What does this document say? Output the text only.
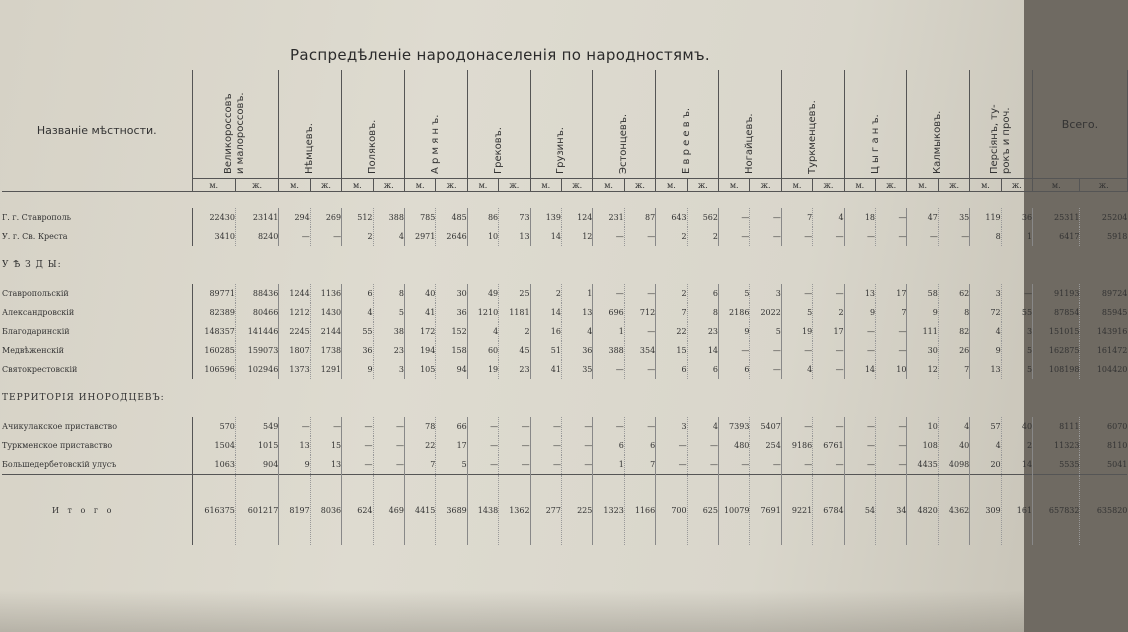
Распредѣленіе народонаселенія по народностямъ.
Названіе мѣстности.	Великороссовъ
и малороссовъ.		Нѣмцевъ.		Поляковъ.		А р м я н ъ.		Грековъ.		Грузинъ.		Эстонцевъ.		Е в р е е в ъ.		Ногайцевъ.		Туркменцевъ.		Ц ы г а н ъ.		Калмыковъ.		Персіянъ, ту-
рокъ и проч.		Всего.	
	м.	ж.	м.	ж.	м.	ж.	м.	ж.	м.	ж.	м.	ж.	м.	ж.	м.	ж.	м.	ж.	м.	ж.	м.	ж.	м.	ж.	м.	ж.	м.	ж.

Г. г. Ставрополь	22430	23141	294	269	512	388	785	485	86	73	139	124	231	87	643	562	—	—	7	4	18	—	47	35	119	36	25311	25204
У. г. Св. Креста	3410	8240	—	—	2	4	2971	2646	10	13	14	12	—	—	2	2	—	—	—	—	—	—	—	—	8	1	6417	5918
У Ѣ З Д Ы:																												
Ставропольскій	89771	88436	1244	1136	6	8	40	30	49	25	2	1	—	—	2	6	5	3	—	—	13	17	58	62	3	—	91193	89724
Александровскій	82389	80466	1212	1430	4	5	41	36	1210	1181	14	13	696	712	7	8	2186	2022	5	2	9	7	9	8	72	55	87854	85945
Благодаринскій	148357	141446	2245	2144	55	38	172	152	4	2	16	4	1	—	22	23	9	5	19	17	—	—	111	82	4	3	151015	143916
Медвѣженскій	160285	159073	1807	1738	36	23	194	158	60	45	51	36	388	354	15	14	—	—	—	—	—	—	30	26	9	5	162875	161472
Святокрестовскій	106596	102946	1373	1291	9	3	105	94	19	23	41	35	—	—	6	6	6	—	4	—	14	10	12	7	13	5	108198	104420
ТЕРРИТОРІЯ ИНОРОДЦЕВЪ:																												
Ачикулакское приставство	570	549	—	—	—	—	78	66	—	—	—	—	—	—	3	4	7393	5407	—	—	—	—	10	4	57	40	8111	6070
Туркменское приставство	1504	1015	13	15	—	—	22	17	—	—	—	—	6	6	—	—	480	254	9186	6761	—	—	108	40	4	2	11323	8110
Большедербетовскій улусъ	1063	904	9	13	—	—	7	5	—	—	—	—	1	7	—	—	—	—	—	—	—	—	4435	4098	20	14	5535	5041
И т о г о	616375	601217	8197	8036	624	469	4415	3689	1438	1362	277	225	1323	1166	700	625	10079	7691	9221	6784	54	34	4820	4362	309	161	657832	635820
